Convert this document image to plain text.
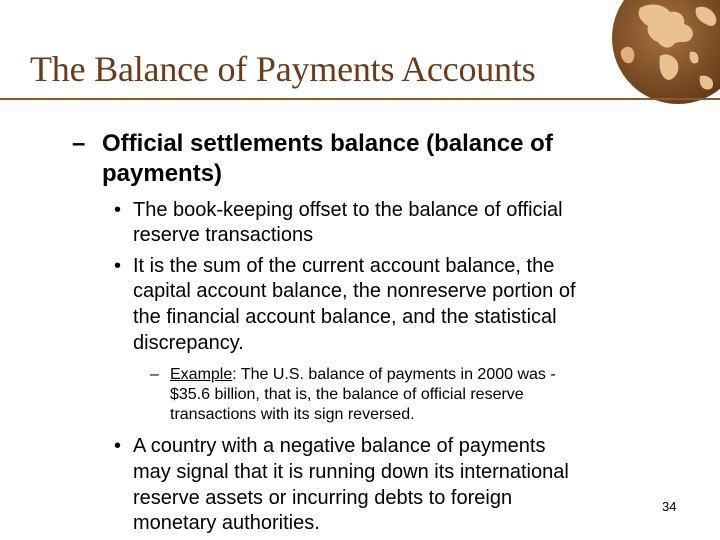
The Balance of Payments Accounts
– Official settlements balance (balance of
payments)
• The book-keeping offset to the balance of official
reserve transactions
• It is the sum of the current account balance, the
capital account balance, the nonreserve portion of
the financial account balance, and the statistical
discrepancy.
– Example: The U.S. balance of payments in 2000 was -
$35.6 billion, that is, the balance of official reserve
transactions with its sign reversed.
• A country with a negative balance of payments
may signal that it is running down its international
reserve assets or incurring debts to foreign
monetary authorities.
34
